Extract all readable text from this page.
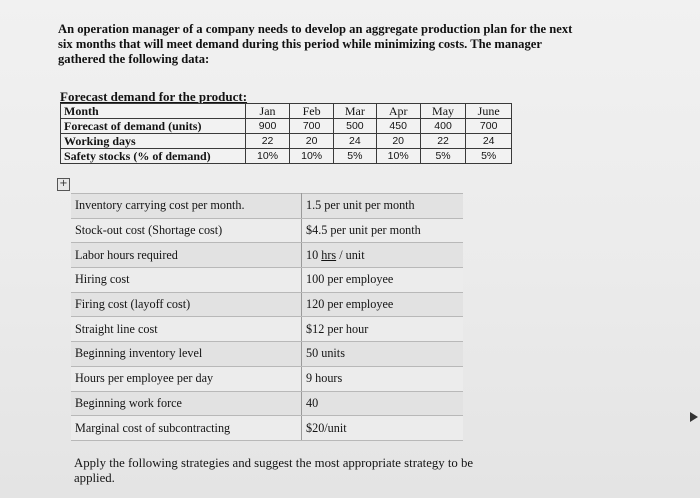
An operation manager of a company needs to develop an aggregate production plan for the next
six months that will meet demand during this period while minimizing costs. The manager
gathered the following data:
Forecast demand for the product:
Month	Jan	Feb	Mar	Apr	May	June
Forecast of demand (units)	900	700	500	450	400	700
Working days	22	20	24	20	22	24
Safety stocks (% of demand)	10%	10%	5%	10%	5%	5%
+
Inventory carrying cost per month.	1.5 per unit per month
Stock-out cost (Shortage cost)	$4.5 per unit per month
Labor hours required	10 hrs / unit
Hiring cost	100 per employee
Firing cost (layoff cost)	120 per employee
Straight line cost	$12 per hour
Beginning inventory level	50 units
Hours per employee per day	9 hours
Beginning work force	40
Marginal cost of subcontracting	$20/unit
Apply the following strategies and suggest the most appropriate strategy to be
applied.
